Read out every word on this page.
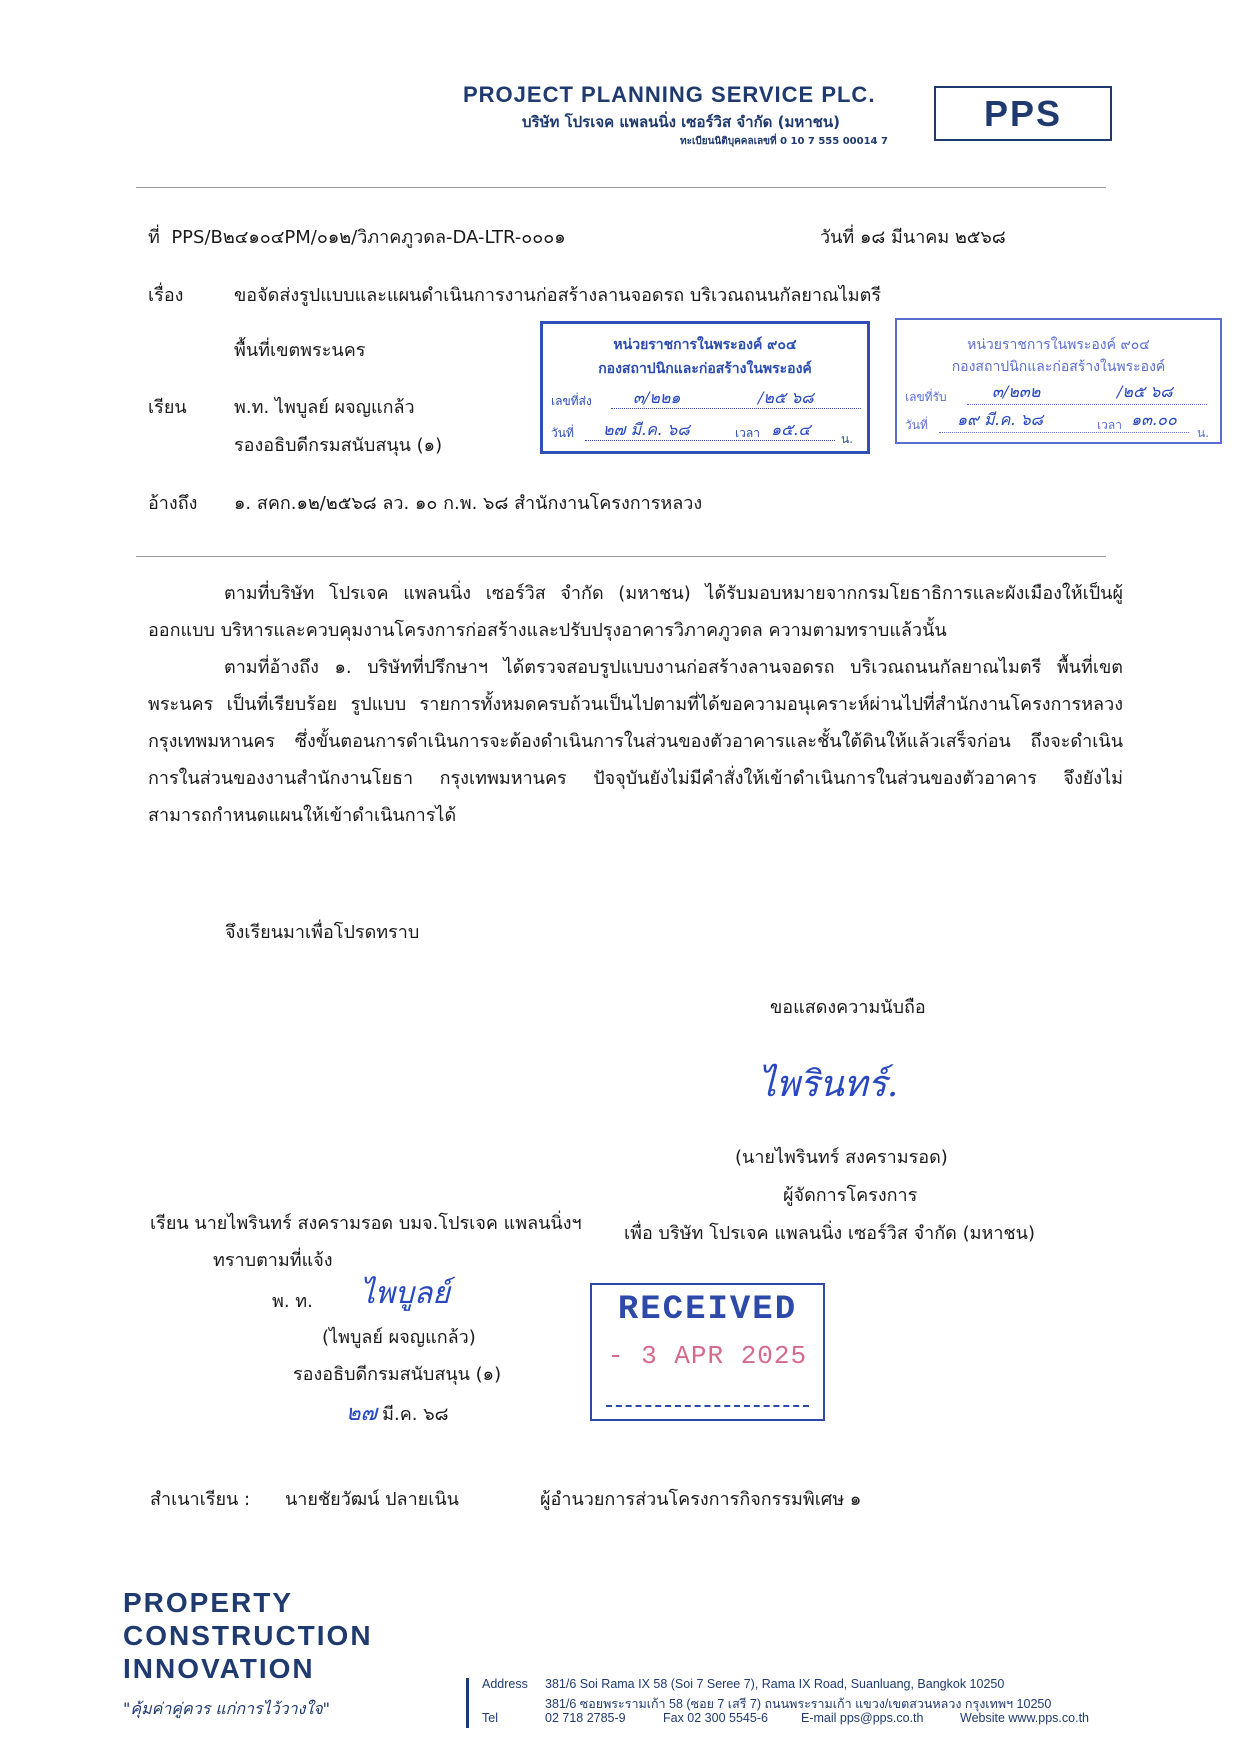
PROJECT PLANNING SERVICE PLC.
บริษัท โปรเจค แพลนนิ่ง เซอร์วิส จำกัด (มหาชน)
ทะเบียนนิติบุคคลเลขที่ 0 10 7 555 00014 7
PPS
ที่ PPS/B๒๔๑๐๔PM/๐๑๒/วิภาคภูวดล-DA-LTR-๐๐๐๑	วันที่ ๑๘ มีนาคม ๒๕๖๘
เรื่อง	ขอจัดส่งรูปแบบและแผนดำเนินการงานก่อสร้างลานจอดรถ บริเวณถนนกัลยาณไมตรี
พื้นที่เขตพระนคร
เรียน	พ.ท. ไพบูลย์ ผจญแกล้ว
รองอธิบดีกรมสนับสนุน (๑)
อ้างถึง ๑. สคก.๑๒/๒๕๖๘ ลว. ๑๐ ก.พ. ๖๘ สำนักงานโครงการหลวง
หน่วยราชการในพระองค์ ๙๐๔
กองสถาปนิกและก่อสร้างในพระองค์
เลขที่ส่ง	๓/๒๒๑	/๒๕ ๖๘
วันที่ ๒๗ มี.ค. ๖๘	เวลา ๑๕.๔	น.
หน่วยราชการในพระองค์ ๙๐๔
กองสถาปนิกและก่อสร้างในพระองค์
เลขที่รับ	๓/๒๓๒	/๒๕ ๖๘
วันที่ ๑๙ มี.ค. ๖๘	เวลา ๑๓.๐๐
น.

ตามที่บริษัท โปรเจค แพลนนิ่ง เซอร์วิส จำกัด (มหาชน) ได้รับมอบหมายจากกรมโยธาธิการและผังเมืองให้เป็นผู้ออกแบบ บริหารและควบคุมงานโครงการก่อสร้างและปรับปรุงอาคารวิภาคภูวดล ความตามทราบแล้วนั้น

ตามที่อ้างถึง ๑. บริษัทที่ปรึกษาฯ ได้ตรวจสอบรูปแบบงานก่อสร้างลานจอดรถ บริเวณถนนกัลยาณไมตรี พื้นที่เขตพระนคร เป็นที่เรียบร้อย รูปแบบ รายการทั้งหมดครบถ้วนเป็นไปตามที่ได้ขอความอนุเคราะห์ผ่านไปที่สำนักงานโครงการหลวง กรุงเทพมหานคร ซึ่งขั้นตอนการดำเนินการจะต้องดำเนินการในส่วนของตัวอาคารและชั้นใต้ดินให้แล้วเสร็จก่อน ถึงจะดำเนินการในส่วนของงานสำนักงานโยธา กรุงเทพมหานคร ปัจจุบันยังไม่มีคำสั่งให้เข้าดำเนินการในส่วนของตัวอาคาร จึงยังไม่สามารถกำหนดแผนให้เข้าดำเนินการได้

จึงเรียนมาเพื่อโปรดทราบ
ขอแสดงความนับถือ
ไพรินทร์.
(นายไพรินทร์ สงครามรอด)
ผู้จัดการโครงการ
เพื่อ บริษัท โปรเจค แพลนนิ่ง เซอร์วิส จำกัด (มหาชน)
เรียน นายไพรินทร์ สงครามรอด บมจ.โปรเจค แพลนนิ่งฯ
ทราบตามที่แจ้ง
พ. ท. ไพบูลย์
(ไพบูลย์ ผจญแกล้ว)
รองอธิบดีกรมสนับสนุน (๑)
๒๗ มี.ค. ๖๘
RECEIVED
- 3 APR 2025
สำเนาเรียน : นายชัยวัฒน์ ปลายเนิน	ผู้อำนวยการส่วนโครงการกิจกรรมพิเศษ ๑
PROPERTY
CONSTRUCTION
INNOVATION
"คุ้มค่าคู่ควร แก่การไว้วางใจ"
Address 381/6 Soi Rama IX 58 (Soi 7 Seree 7), Rama IX Road, Suanluang, Bangkok 10250
381/6 ซอยพระรามเก้า 58 (ซอย 7 เสรี 7) ถนนพระรามเก้า แขวง/เขตสวนหลวง กรุงเทพฯ 10250
Tel	02 718 2785-9	Fax 02 300 5545-6	E-mail pps@pps.co.th	Website www.pps.co.th
